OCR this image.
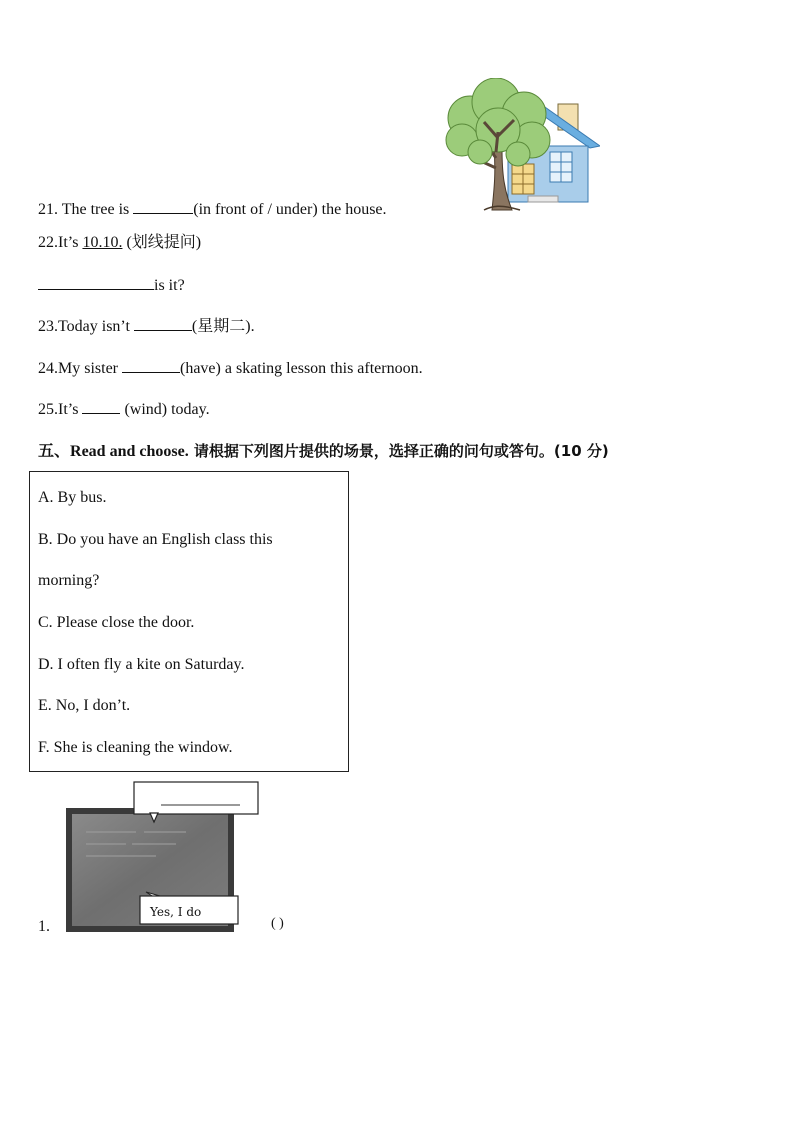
21. The tree is	(in front of / under) the house.
22.It’s 10.10. (划线提问)
is it?
23.Today isn’t	(星期二).
24.My sister	(have) a skating lesson this afternoon.
25.It’s  (wind) today.
五、Read and choose. 请根据下列图片提供的场景，选择正确的问句或答句。(10 分)
A. By bus.
B. Do you have an English class this
morning?
C. Please close the door.
D. I often fly a kite on Saturday.
E. No, I don’t.
F. She is cleaning the window.
1.
Yes, I do
( )
